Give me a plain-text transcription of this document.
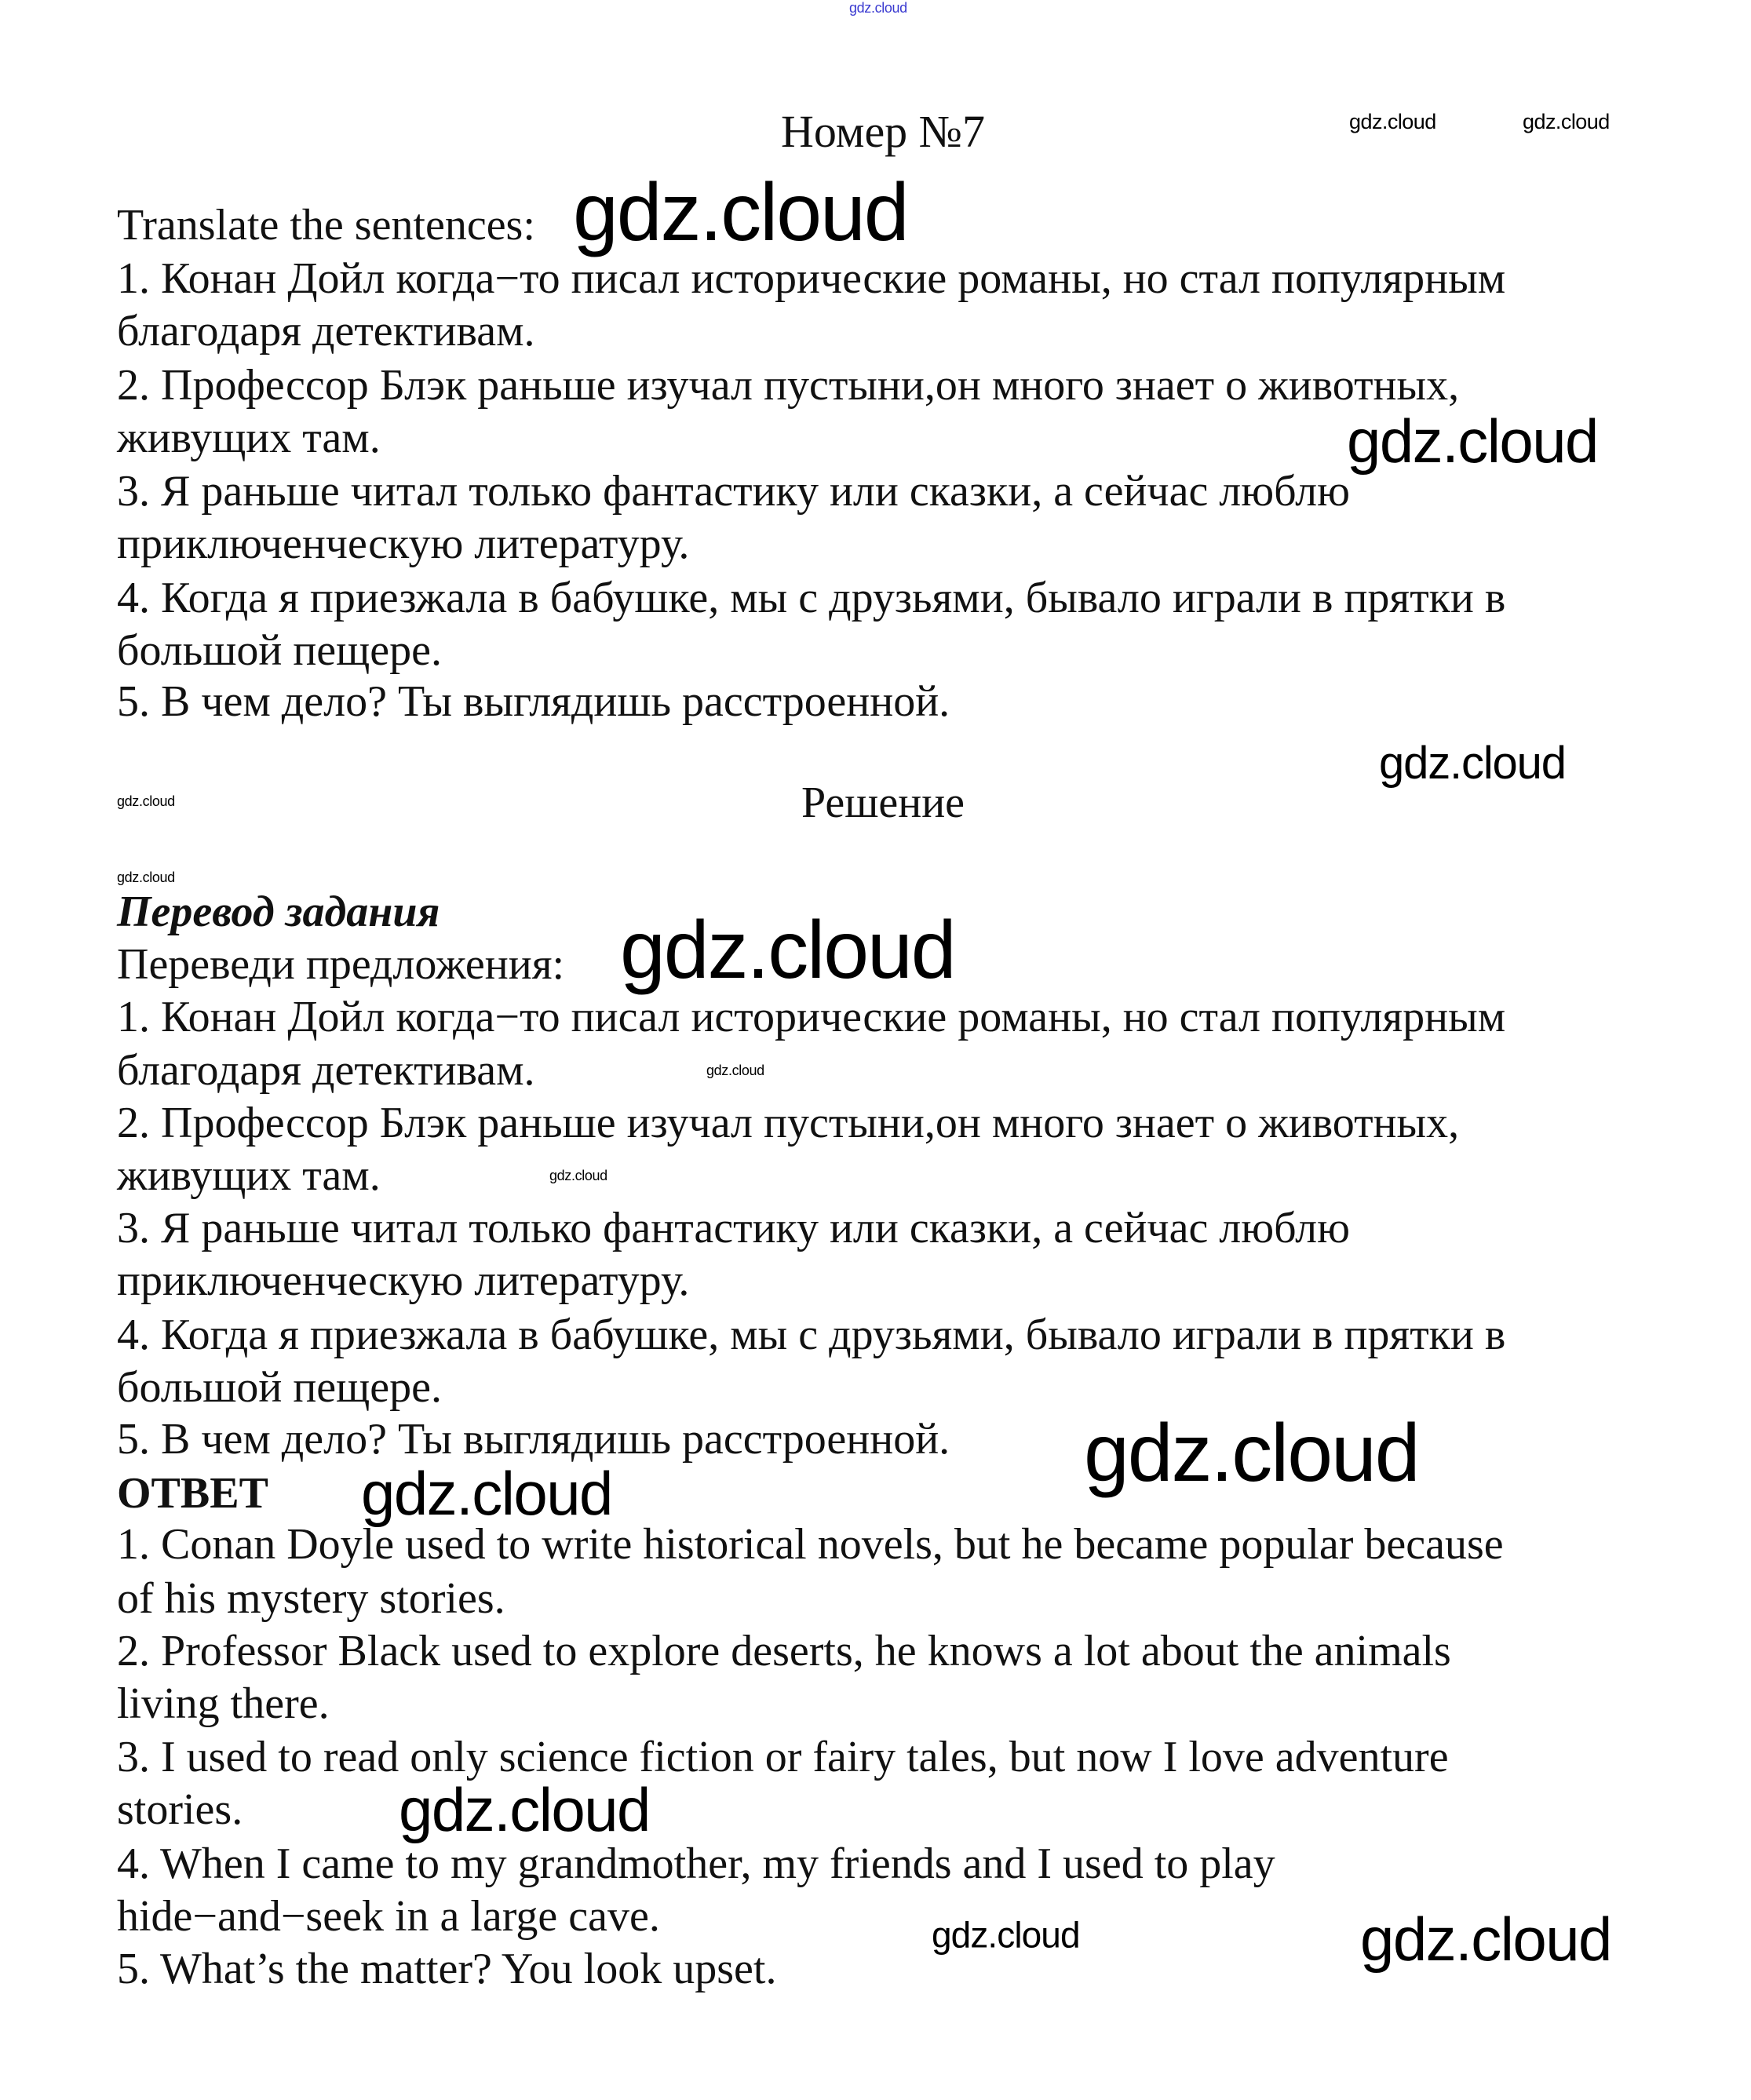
Номер №7
Translate the sentences:
1. Конан Дойл когда−то писал исторические романы, но стал популярным
благодаря детективам.
2. Профессор Блэк раньше изучал пустыни,он много знает о животных,
живущих там.
3. Я раньше читал только фантастику или сказки, а сейчас люблю
приключенческую литературу.
4. Когда я приезжала в бабушке, мы с друзьями, бывало играли в прятки в
большой пещере.
5. В чем дело? Ты выглядишь расстроенной.
Решение
Перевод задания
Переведи предложения:
1. Конан Дойл когда−то писал исторические романы, но стал популярным
благодаря детективам.
2. Профессор Блэк раньше изучал пустыни,он много знает о животных,
живущих там.
3. Я раньше читал только фантастику или сказки, а сейчас люблю
приключенческую литературу.
4. Когда я приезжала в бабушке, мы с друзьями, бывало играли в прятки в
большой пещере.
5. В чем дело? Ты выглядишь расстроенной.
ОТВЕТ
1. Conan Doyle used to write historical novels, but he became popular because
of his mystery stories.
2. Professor Black used to explore deserts, he knows a lot about the animals
living there.
3. I used to read only science fiction or fairy tales, but now I love adventure
stories.
4. When I came to my grandmother, my friends and I used to play
hide−and−seek in a large cave.
5. What’s the matter? You look upset.
gdz.cloud
gdz.cloud	gdz.cloud
gdz.cloud
gdz.cloud
gdz.cloud
gdz.cloud
gdz.cloud
gdz.cloud
gdz.cloud
gdz.cloud
gdz.cloud
gdz.cloud
gdz.cloud
gdz.cloud	gdz.cloud
